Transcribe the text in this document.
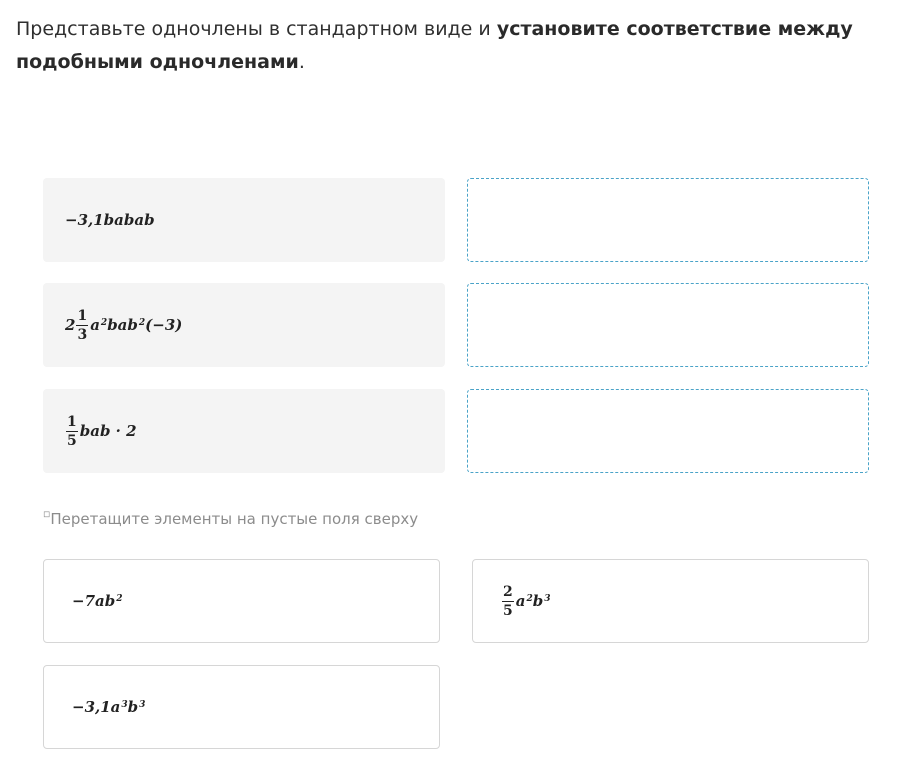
Представьте одночлены в стандартном виде и установите соответствие между подобными одночленами.
−3,1babab
$2 \frac{1}{3} a^2$ bab$^2$ (−3)
$\frac{1}{5}$ bab · 2
◽Перетащите элементы на пустые поля сверху
$-7ab^2$	$\frac{2}{5} a^2$ $b^3$
$-3,1a^3$ $b^3$
